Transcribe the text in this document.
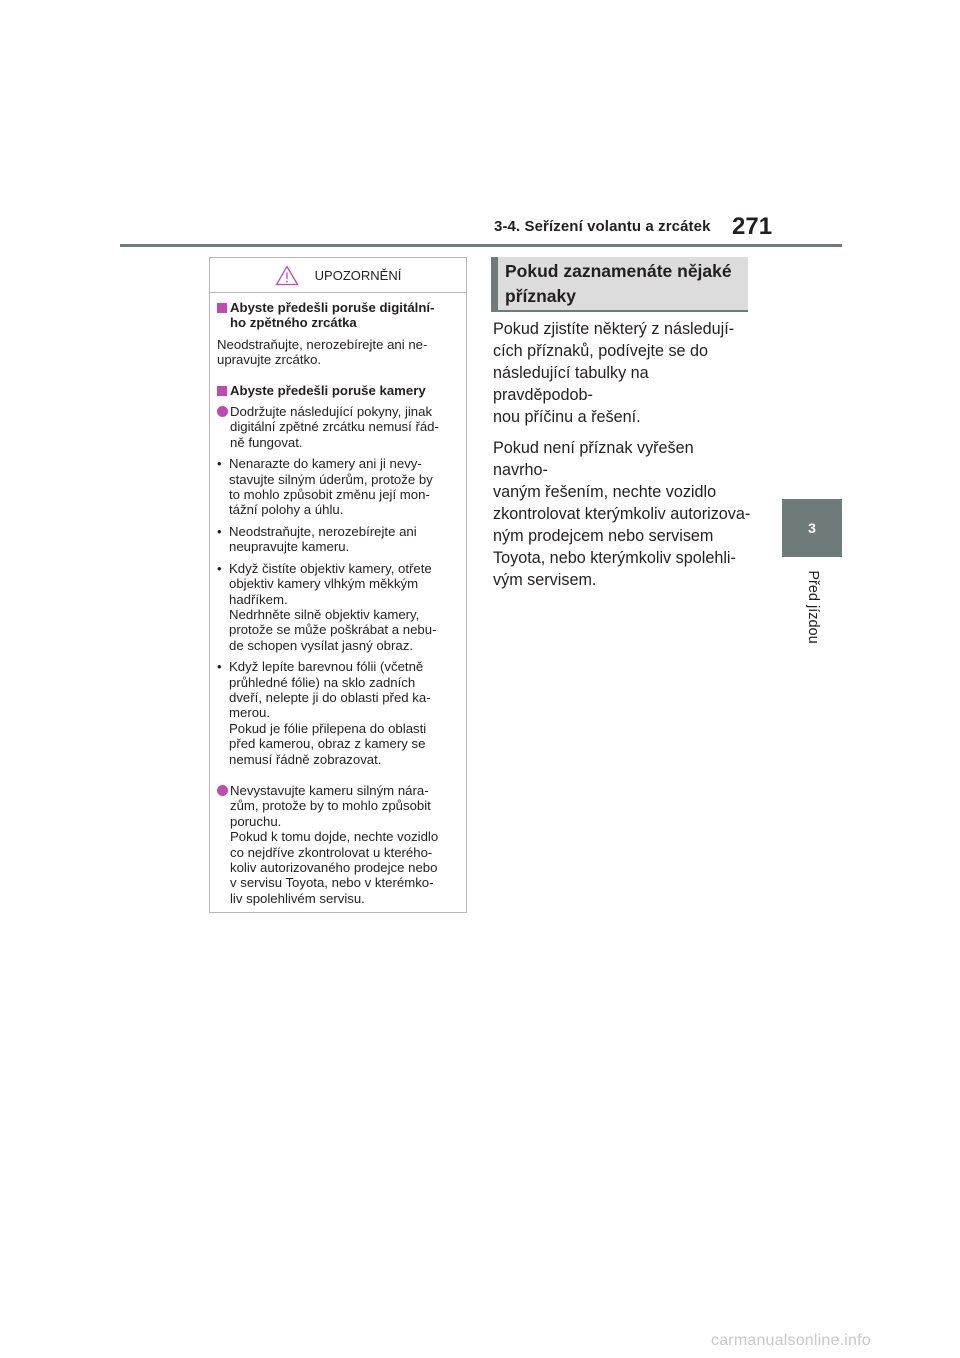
3-4. Seřízení volantu a zrcátek 271
3
Před jízdou
UPOZORNĚNÍ
Abyste předešli poruše digitální-
ho zpětného zrcátka
Neodstraňujte, nerozebírejte ani ne-
upravujte zrcátko.
Abyste předešli poruše kamery
Dodržujte následující pokyny, jinak
digitální zpětné zrcátku nemusí řád-
ně fungovat.
• Nenarazte do kamery ani ji nevy-
stavujte silným úderům, protože by
to mohlo způsobit změnu její mon-
tážní polohy a úhlu.
• Neodstraňujte, nerozebírejte ani
neupravujte kameru.
• Když čistíte objektiv kamery, otřete
objektiv kamery vlhkým měkkým
hadříkem.
Nedrhněte silně objektiv kamery,
protože se může poškrábat a nebu-
de schopen vysílat jasný obraz.
• Když lepíte barevnou fólii (včetně
průhledné fólie) na sklo zadních
dveří, nelepte ji do oblasti před ka-
merou.
Pokud je fólie přilepena do oblasti
před kamerou, obraz z kamery se
nemusí řádně zobrazovat.
Nevystavujte kameru silným nára-
zům, protože by to mohlo způsobit
poruchu.
Pokud k tomu dojde, nechte vozidlo
co nejdříve zkontrolovat u kterého-
koliv autorizovaného prodejce nebo
v servisu Toyota, nebo v kterémko-
liv spolehlivém servisu.
Pokud zaznamenáte nějaké
příznaky

Pokud zjistíte některý z následují-
cích příznaků, podívejte se do
následující tabulky na pravděpodob-
nou příčinu a řešení.

Pokud není příznak vyřešen navrho-
vaným řešením, nechte vozidlo
zkontrolovat kterýmkoliv autorizova-
ným prodejcem nebo servisem
Toyota, nebo kterýmkoliv spolehli-
vým servisem.

carmanualsonline.info
